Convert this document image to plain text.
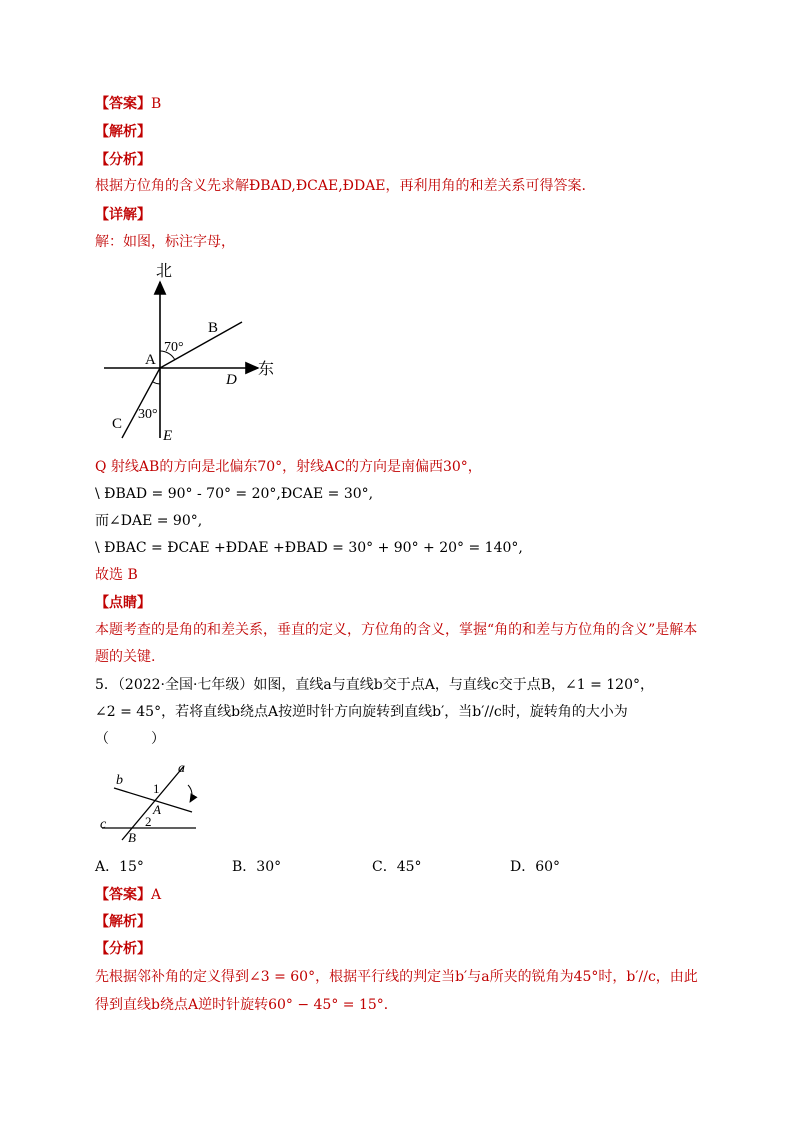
【答案】B
【解析】
【分析】
根据方位角的含义先求解ÐBAD,ÐCAE,ÐDAE，再利用角的和差关系可得答案.
【详解】
解：如图，标注字母，
北
东
70°
B
A
D
30°
C
E
Q 射线AB的方向是北偏东70°，射线AC的方向是南偏西30°，
\ ÐBAD = 90° - 70° = 20°,ÐCAE = 30°,
而∠DAE = 90°,
\ ÐBAC = ÐCAE +ÐDAE +ÐBAD = 30° + 90° + 20° = 140°,
故选 B
【点睛】
本题考查的是角的和差关系，垂直的定义，方位角的含义，掌握“角的和差与方位角的含义”是解本
题的关键.
5．（2022·全国·七年级）如图，直线a与直线b交于点A，与直线c交于点B，∠1 = 120°，
∠2 = 45°，若将直线b绕点A按逆时针方向旋转到直线b′，当b′//c时，旋转角的大小为
（　　　）
a
b
c
1
A
2
B
A．15°	B．30°	C．45°	D．60°
【答案】A
【解析】
【分析】
先根据邻补角的定义得到∠3 = 60°，根据平行线的判定当b′与a所夹的锐角为45°时，b′//c，由此
得到直线b绕点A逆时针旋转60° − 45° = 15°．
